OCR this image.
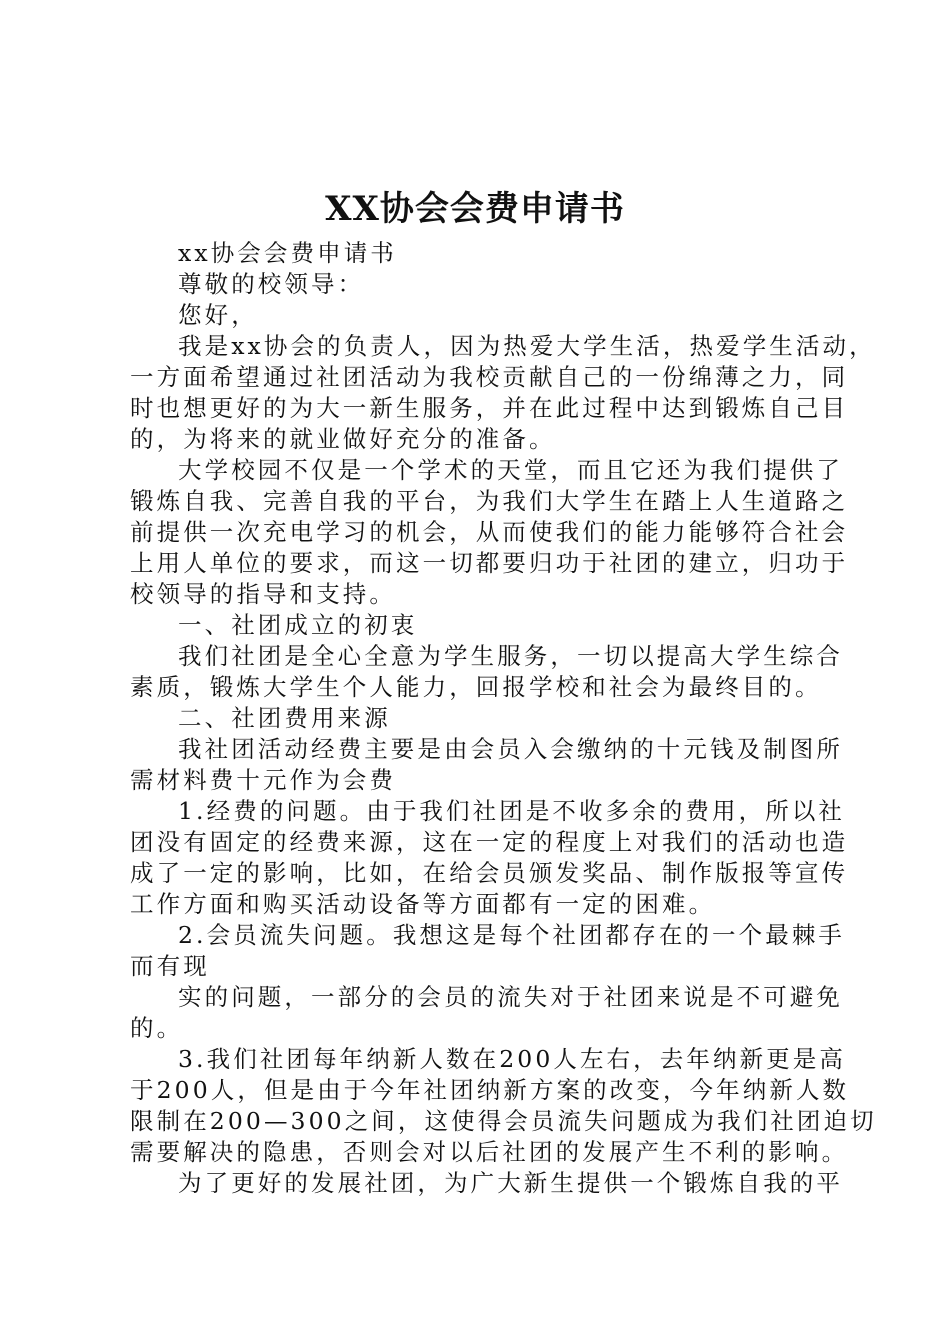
XX协会会费申请书

xx协会会费申请书

尊敬的校领导：

您好，

我是xx协会的负责人，因为热爱大学生活，热爱学生活动，
一方面希望通过社团活动为我校贡献自己的一份绵薄之力，同
时也想更好的为大一新生服务，并在此过程中达到锻炼自己目
的，为将来的就业做好充分的准备。

大学校园不仅是一个学术的天堂，而且它还为我们提供了
锻炼自我、完善自我的平台，为我们大学生在踏上人生道路之
前提供一次充电学习的机会，从而使我们的能力能够符合社会
上用人单位的要求，而这一切都要归功于社团的建立，归功于
校领导的指导和支持。

一、社团成立的初衷

我们社团是全心全意为学生服务，一切以提高大学生综合
素质，锻炼大学生个人能力，回报学校和社会为最终目的。

二、社团费用来源

我社团活动经费主要是由会员入会缴纳的十元钱及制图所
需材料费十元作为会费

1.经费的问题。由于我们社团是不收多余的费用，所以社
团没有固定的经费来源，这在一定的程度上对我们的活动也造
成了一定的影响，比如，在给会员颁发奖品、制作版报等宣传
工作方面和购买活动设备等方面都有一定的困难。

2.会员流失问题。我想这是每个社团都存在的一个最棘手
而有现

实的问题，一部分的会员的流失对于社团来说是不可避免
的。

3.我们社团每年纳新人数在200人左右，去年纳新更是高
于200人，但是由于今年社团纳新方案的改变，今年纳新人数
限制在200—300之间，这使得会员流失问题成为我们社团迫切
需要解决的隐患，否则会对以后社团的发展产生不利的影响。

为了更好的发展社团，为广大新生提供一个锻炼自我的平
